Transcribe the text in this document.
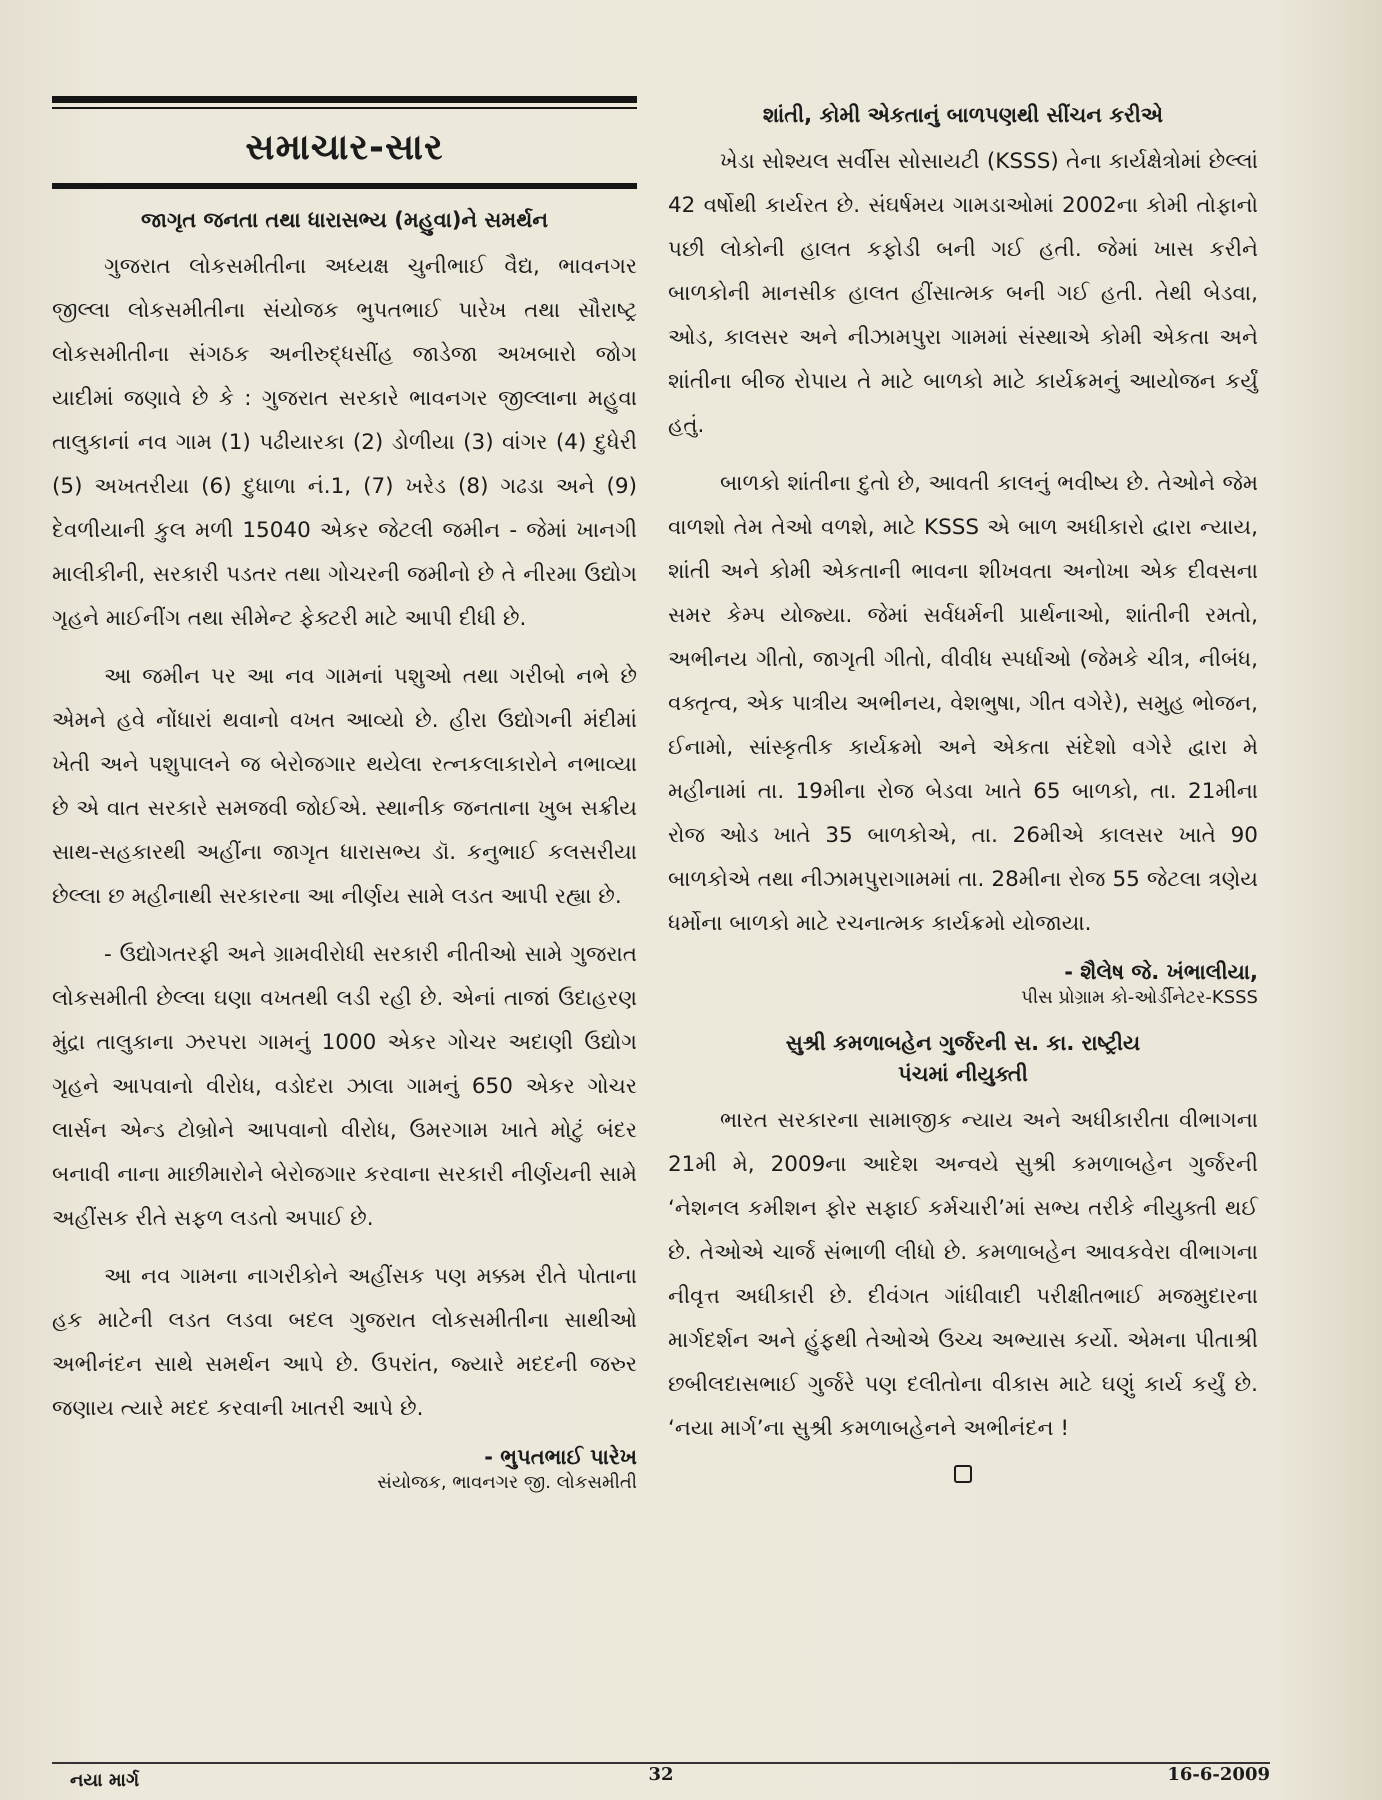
સમાચાર-સાર
જાગૃત જનતા તથા ધારાસભ્ય (મહુવા)ને સમર્થન

ગુજરાત લોકસમીતીના અધ્યક્ષ ચુનીભાઈ વૈદ્ય, ભાવનગર જીલ્લા લોકસમીતીના સંયોજક ભુપતભાઈ પારેખ તથા સૌરાષ્ટ્ર લોકસમીતીના સંગઠક અનીરુદ્ધસીંહ જાડેજા અખબારો જોગ યાદીમાં જણાવે છે કે : ગુજરાત સરકારે ભાવનગર જીલ્લાના મહુવા તાલુકાનાં નવ ગામ (1) પઢીયારકા (2) ડોળીયા (3) વાંગર (4) દુધેરી (5) અખતરીયા (6) દુધાળા નં.1, (7) ખરેડ (8) ગઢડા અને (9) દેવળીયાની કુલ મળી 15040 એકર જેટલી જમીન - જેમાં ખાનગી માલીકીની, સરકારી પડતર તથા ગોચરની જમીનો છે તે નીરમા ઉદ્યોગ ગૃહને માઈનીંગ તથા સીમેન્ટ ફેક્ટરી માટે આપી દીધી છે.

આ જમીન પર આ નવ ગામનાં પશુઓ તથા ગરીબો નભે છે એમને હવે નોંધારાં થવાનો વખત આવ્યો છે. હીરા ઉદ્યોગની મંદીમાં ખેતી અને પશુપાલને જ બેરોજગાર થયેલા રત્નકલાકારોને નભાવ્યા છે એ વાત સરકારે સમજવી જોઈએ. સ્થાનીક જનતાના ખુબ સક્રીય સાથ-સહકારથી અહીંના જાગૃત ધારાસભ્ય ડૉ. કનુભાઈ કલસરીયા છેલ્લા છ મહીનાથી સરકારના આ નીર્ણય સામે લડત આપી રહ્યા છે.

- ઉદ્યોગતરફી અને ગ્રામવીરોધી સરકારી નીતીઓ સામે ગુજરાત લોકસમીતી છેલ્લા ઘણા વખતથી લડી રહી છે. એનાં તાજાં ઉદાહરણ મુંદ્રા તાલુકાના ઝરપરા ગામનું 1000 એકર ગોચર અદાણી ઉદ્યોગ ગૃહને આપવાનો વીરોધ, વડોદરા ઝાલા ગામનું 650 એકર ગોચર લાર્સન એન્ડ ટોબ્રોને આપવાનો વીરોધ, ઉમરગામ ખાતે મોટું બંદર બનાવી નાના માછીમારોને બેરોજગાર કરવાના સરકારી નીર્ણયની સામે અહીંસક રીતે સફળ લડતો અપાઈ છે.

આ નવ ગામના નાગરીકોને અહીંસક પણ મક્કમ રીતે પોતાના હક માટેની લડત લડવા બદલ ગુજરાત લોકસમીતીના સાથીઓ અભીનંદન સાથે સમર્થન આપે છે. ઉપરાંત, જ્યારે મદદની જરુર જણાય ત્યારે મદદ કરવાની ખાતરી આપે છે.

- ભુપતભાઈ પારેખ
સંયોજક, ભાવનગર જી. લોકસમીતી
શાંતી, કોમી એકતાનું બાળપણથી સીંચન કરીએ

ખેડા સોશ્યલ સર્વીસ સોસાયટી (KSSS) તેના કાર્યક્ષેત્રોમાં છેલ્લાં 42 વર્ષોથી કાર્યરત છે. સંઘર્ષમય ગામડાઓમાં 2002ના કોમી તોફાનો પછી લોકોની હાલત કફોડી બની ગઈ હતી. જેમાં ખાસ કરીને બાળકોની માનસીક હાલત હીંસાત્મક બની ગઈ હતી. તેથી બેડવા, ઓડ, કાલસર અને નીઝામપુરા ગામમાં સંસ્થાએ કોમી એકતા અને શાંતીના બીજ રોપાય તે માટે બાળકો માટે કાર્યક્રમનું આયોજન કર્યું હતું.

બાળકો શાંતીના દુતો છે, આવતી કાલનું ભવીષ્ય છે. તેઓને જેમ વાળશો તેમ તેઓ વળશે, માટે KSSS એ બાળ અધીકારો દ્વારા ન્યાય, શાંતી અને કોમી એકતાની ભાવના શીખવતા અનોખા એક દીવસના સમર કેમ્પ યોજ્યા. જેમાં સર્વધર્મની પ્રાર્થનાઓ, શાંતીની રમતો, અભીનય ગીતો, જાગૃતી ગીતો, વીવીધ સ્પર્ધાઓ (જેમકે ચીત્ર, નીબંધ, વક્તૃત્વ, એક પાત્રીય અભીનય, વેશભુષા, ગીત વગેરે), સમુહ ભોજન, ઈનામો, સાંસ્કૃતીક કાર્યક્રમો અને એકતા સંદેશો વગેરે દ્વારા મે મહીનામાં તા. 19મીના રોજ બેડવા ખાતે 65 બાળકો, તા. 21મીના રોજ ઓડ ખાતે 35 બાળકોએ, તા. 26મીએ કાલસર ખાતે 90 બાળકોએ તથા નીઝામપુરાગામમાં તા. 28મીના રોજ 55 જેટલા ત્રણેય ધર્મોના બાળકો માટે રચનાત્મક કાર્યક્રમો યોજાયા.

- શૈલેષ જે. ખંભાલીયા,
પીસ પ્રોગ્રામ કો-ઓર્ડીનેટર-KSSS
સુશ્રી કમળાબહેન ગુર્જરની સ. કા. રાષ્ટ્રીય
પંચમાં નીયુક્તી

ભારત સરકારના સામાજીક ન્યાય અને અધીકારીતા વીભાગના 21મી મે, 2009ના આદેશ અન્વયે સુશ્રી કમળાબહેન ગુર્જરની ‘નેશનલ કમીશન ફોર સફાઈ કર્મચારી’માં સભ્ય તરીકે નીયુક્તી થઈ છે. તેઓએ ચાર્જ સંભાળી લીધો છે. કમળાબહેન આવકવેરા વીભાગના નીવૃત્ત અધીકારી છે. દીવંગત ગાંધીવાદી પરીક્ષીતભાઈ મજમુદારના માર્ગદર્શન અને હુંફથી તેઓએ ઉચ્ચ અભ્યાસ કર્યો. એમના પીતાશ્રી છબીલદાસભાઈ ગુર્જરે પણ દલીતોના વીકાસ માટે ઘણું કાર્ય કર્યું છે. ‘નયા માર્ગ’ના સુશ્રી કમળાબહેનને અભીનંદન !

નયા માર્ગ	32	16-6-2009
